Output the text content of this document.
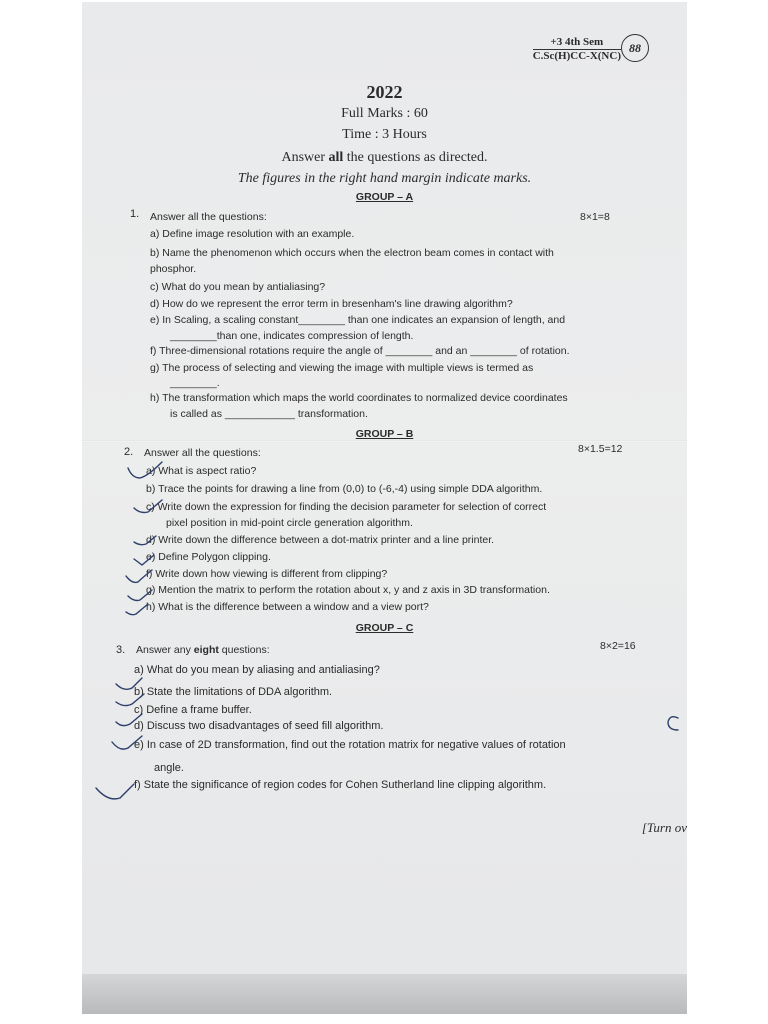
+3 4th Sem
C.Sc(H)CC-X(NC)
88
2022
Full Marks : 60
Time : 3 Hours
Answer all the questions as directed.
The figures in the right hand margin indicate marks.
GROUP – A
1. Answer all the questions:	8×1=8
a) Define image resolution with an example.
b) Name the phenomenon which occurs when the electron beam comes in contact with
phosphor.
c) What do you mean by antialiasing?
d) How do we represent the error term in bresenham's line drawing algorithm?
e) In Scaling, a scaling constant________ than one indicates an expansion of length, and
________than one, indicates compression of length.
f) Three-dimensional rotations require the angle of ________ and an ________ of rotation.
g) The process of selecting and viewing the image with multiple views is termed as
________.
h) The transformation which maps the world coordinates to normalized device coordinates
is called as ____________ transformation.
GROUP – B
2. Answer all the questions:	8×1.5=12
a) What is aspect ratio?
b) Trace the points for drawing a line from (0,0) to (-6,-4) using simple DDA algorithm.
c) Write down the expression for finding the decision parameter for selection of correct
pixel position in mid-point circle generation algorithm.
d) Write down the difference between a dot-matrix printer and a line printer.
e) Define Polygon clipping.
f) Write down how viewing is different from clipping?
g) Mention the matrix to perform the rotation about x, y and z axis in 3D transformation.
h) What is the difference between a window and a view port?
GROUP – C
3. Answer any eight questions:	8×2=16
a) What do you mean by aliasing and antialiasing?
b) State the limitations of DDA algorithm.
c) Define a frame buffer.
d) Discuss two disadvantages of seed fill algorithm.
e) In case of 2D transformation, find out the rotation matrix for negative values of rotation
angle.
f) State the significance of region codes for Cohen Sutherland line clipping algorithm.
[Turn ov
